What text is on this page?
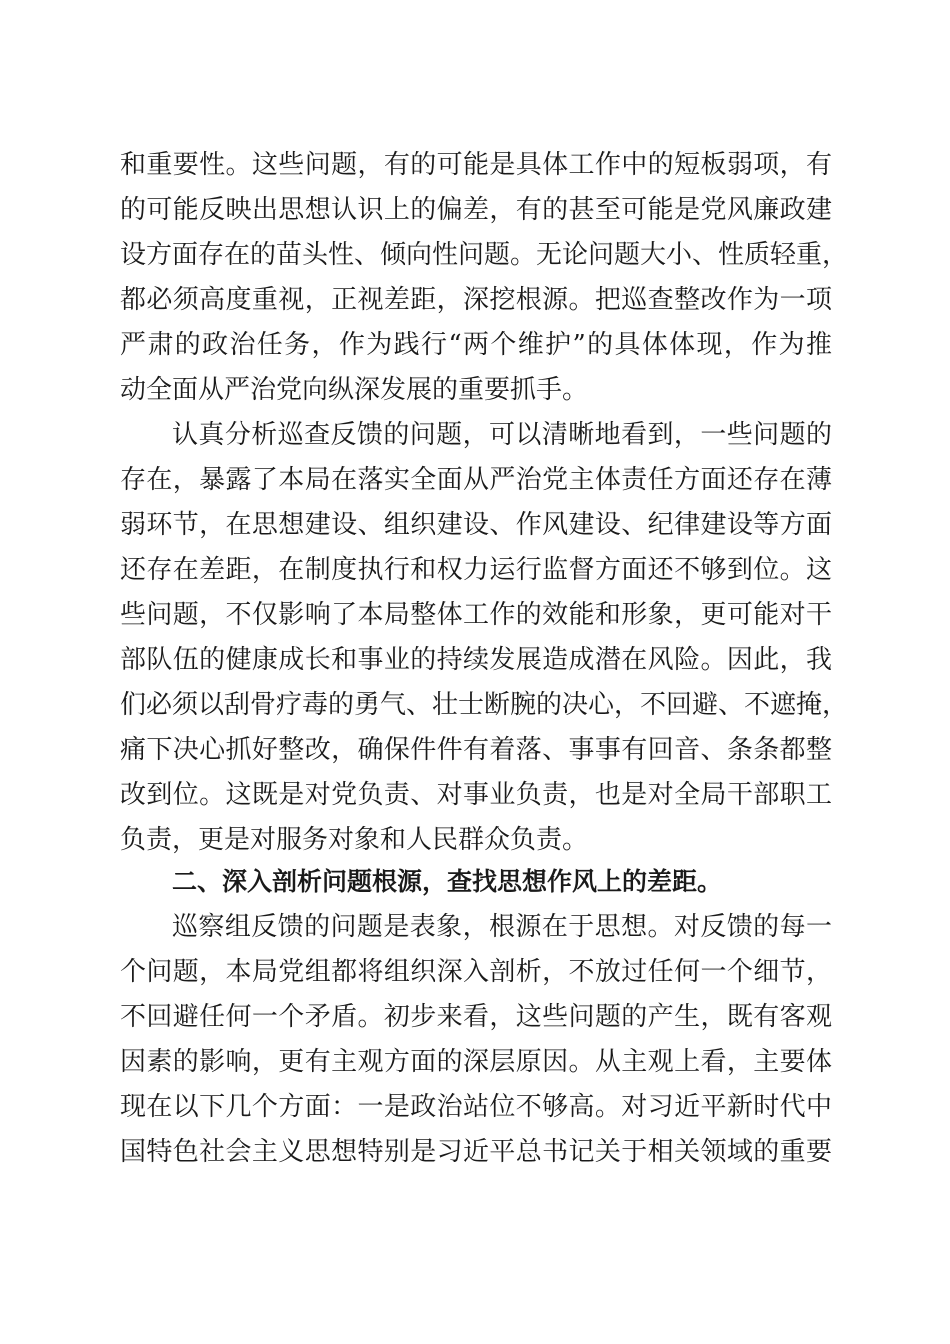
和重要性。这些问题，有的可能是具体工作中的短板弱项，有
的可能反映出思想认识上的偏差，有的甚至可能是党风廉政建
设方面存在的苗头性、倾向性问题。无论问题大小、性质轻重，
都必须高度重视，正视差距，深挖根源。把巡查整改作为一项
严肃的政治任务，作为践行“两个维护”的具体体现，作为推
动全面从严治党向纵深发展的重要抓手。
认真分析巡查反馈的问题，可以清晰地看到，一些问题的
存在，暴露了本局在落实全面从严治党主体责任方面还存在薄
弱环节，在思想建设、组织建设、作风建设、纪律建设等方面
还存在差距，在制度执行和权力运行监督方面还不够到位。这
些问题，不仅影响了本局整体工作的效能和形象，更可能对干
部队伍的健康成长和事业的持续发展造成潜在风险。因此，我
们必须以刮骨疗毒的勇气、壮士断腕的决心，不回避、不遮掩，
痛下决心抓好整改，确保件件有着落、事事有回音、条条都整
改到位。这既是对党负责、对事业负责，也是对全局干部职工
负责，更是对服务对象和人民群众负责。
二、深入剖析问题根源，查找思想作风上的差距。
巡察组反馈的问题是表象，根源在于思想。对反馈的每一
个问题，本局党组都将组织深入剖析，不放过任何一个细节，
不回避任何一个矛盾。初步来看，这些问题的产生，既有客观
因素的影响，更有主观方面的深层原因。从主观上看，主要体
现在以下几个方面：一是政治站位不够高。对习近平新时代中
国特色社会主义思想特别是习近平总书记关于相关领域的重要
